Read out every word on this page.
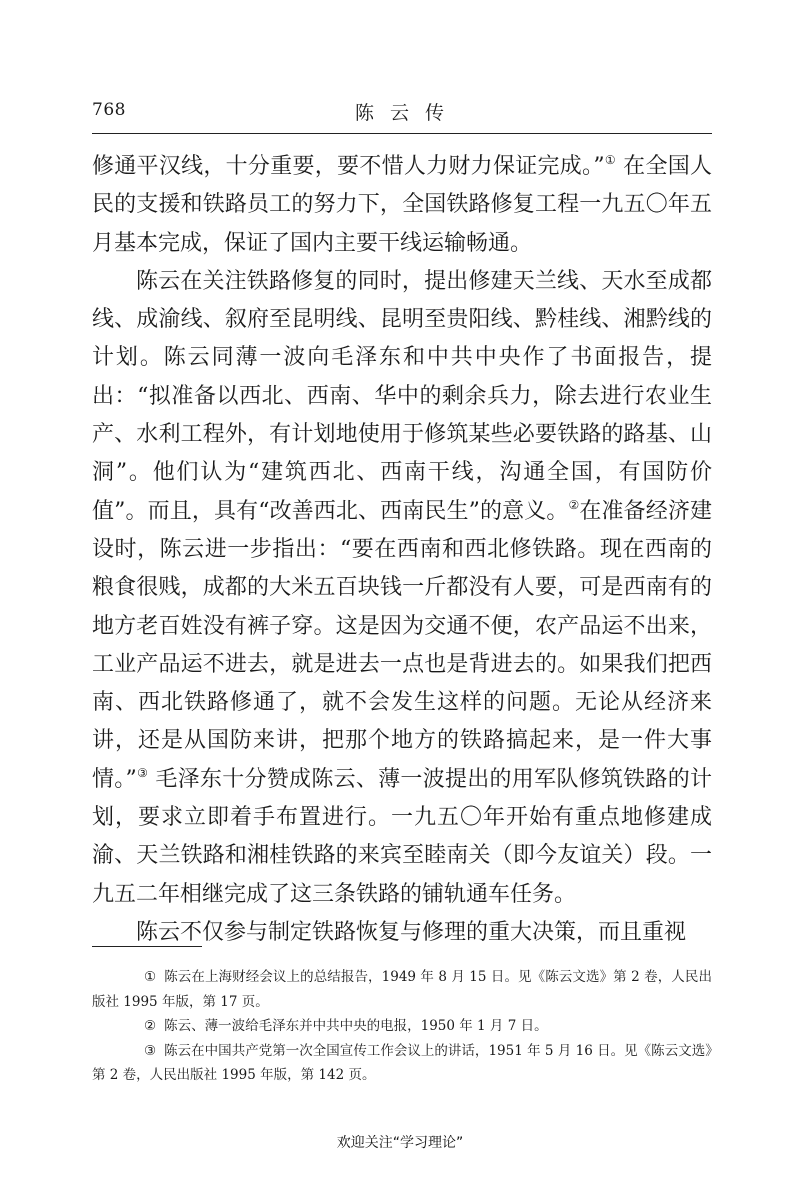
768	陈云传

修通平汉线，十分重要，要不惜人力财力保证完成。”① 在全国人民的支援和铁路员工的努力下，全国铁路修复工程一九五〇年五月基本完成，保证了国内主要干线运输畅通。

陈云在关注铁路修复的同时，提出修建天兰线、天水至成都线、成渝线、叙府至昆明线、昆明至贵阳线、黔桂线、湘黔线的计划。陈云同薄一波向毛泽东和中共中央作了书面报告，提出：“拟准备以西北、西南、华中的剩余兵力，除去进行农业生产、水利工程外，有计划地使用于修筑某些必要铁路的路基、山洞”。他们认为“建筑西北、西南干线，沟通全国，有国防价值”。而且，具有“改善西北、西南民生”的意义。②在准备经济建设时，陈云进一步指出：“要在西南和西北修铁路。现在西南的粮食很贱，成都的大米五百块钱一斤都没有人要，可是西南有的地方老百姓没有裤子穿。这是因为交通不便，农产品运不出来，工业产品运不进去，就是进去一点也是背进去的。如果我们把西南、西北铁路修通了，就不会发生这样的问题。无论从经济来讲，还是从国防来讲，把那个地方的铁路搞起来，是一件大事情。”③ 毛泽东十分赞成陈云、薄一波提出的用军队修筑铁路的计划，要求立即着手布置进行。一九五〇年开始有重点地修建成渝、天兰铁路和湘桂铁路的来宾至睦南关（即今友谊关）段。一九五二年相继完成了这三条铁路的铺轨通车任务。

陈云不仅参与制定铁路恢复与修理的重大决策，而且重视

① 陈云在上海财经会议上的总结报告，1949 年 8 月 15 日。见《陈云文选》第 2 卷，人民出版社 1995 年版，第 17 页。

② 陈云、薄一波给毛泽东并中共中央的电报，1950 年 1 月 7 日。

③ 陈云在中国共产党第一次全国宣传工作会议上的讲话，1951 年 5 月 16 日。见《陈云文选》第 2 卷，人民出版社 1995 年版，第 142 页。

欢迎关注“学习理论”
